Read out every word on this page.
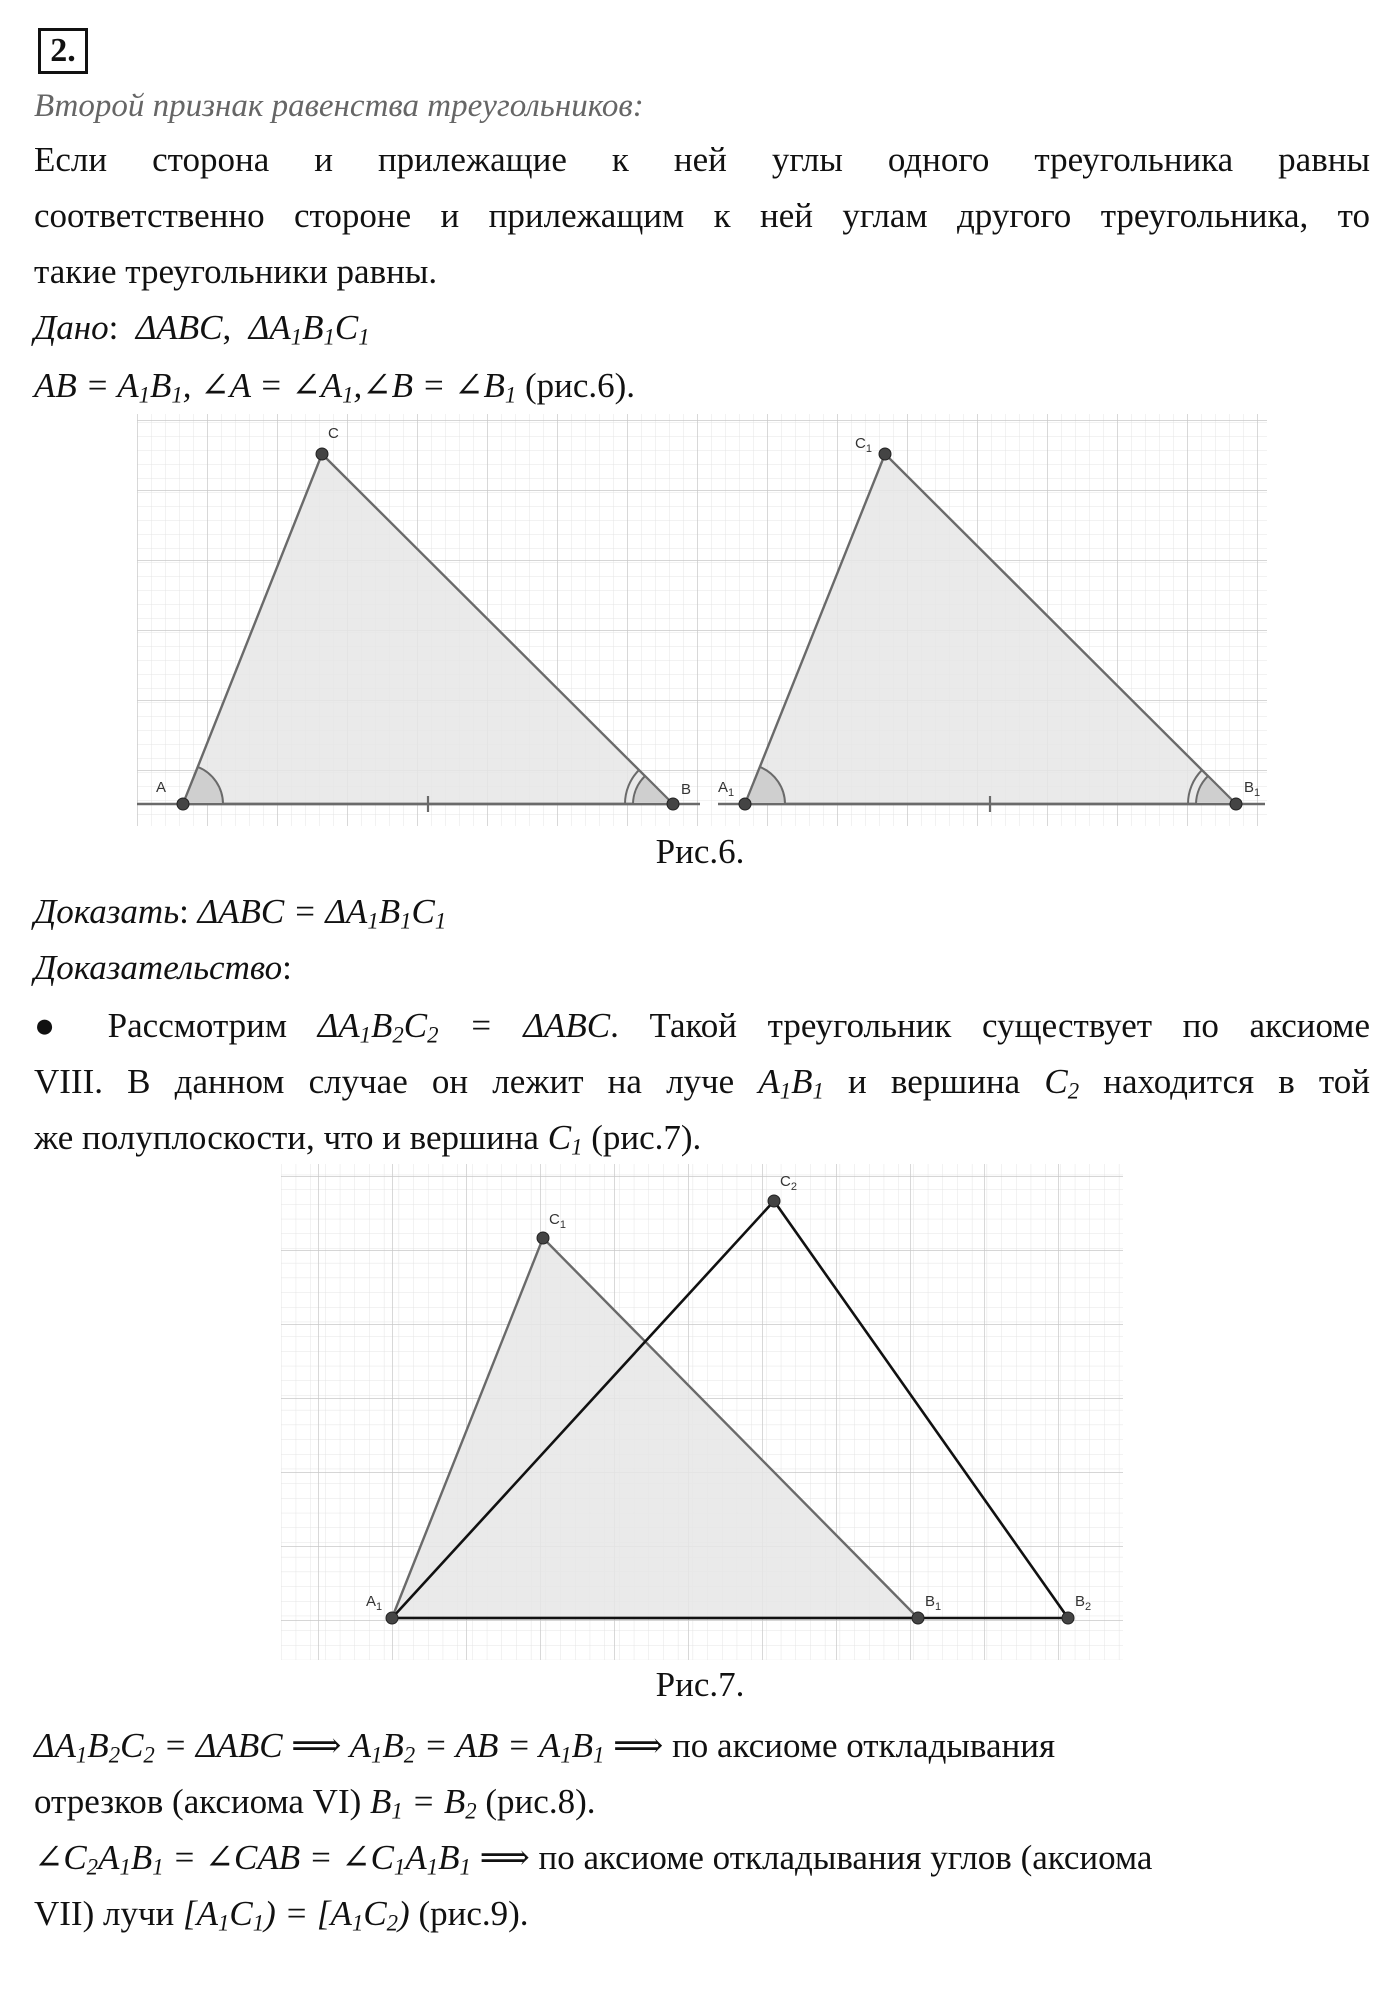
2.
Второй признак равенства треугольников:
Если сторона и прилежащие к ней углы одного треугольника равны
соответственно стороне и прилежащим к ней углам другого треугольника, то
такие треугольники равны.
Дано: ΔABC,  $\Delta A_1B_1C_1$
AB = $A_1B_1$, ∠A = $\angle A_1,\angle B$ = $\angle B_1$ (рис.6).
A	B
C
$A_1$	$B_1$
$C_1$
Рис.6.
Доказать: $\Delta ABC = \Delta A_1B_1C_1$
Доказательство:
● Рассмотрим $\Delta A_1B_2C_2 = \Delta ABC$. Такой треугольник существует по аксиоме
VIII. В данном случае он лежит на луче $A_1B_1$ и вершина $C_2$ находится в той
же полуплоскости, что и вершина $C_1$ (рис.7).
$A_1$	$B_1$	$B_2$
$C_1$
$C_2$
Рис.7.
$\Delta A_1B_2C_2 = \Delta ABC$ ⟹ $A_1B_2$ = AB = $A_1B_1$ ⟹ по аксиоме откладывания
отрезков (аксиома VI) $B_1 = B_2$ (рис.8).
$\angle C_2A_1B_1$ = ∠CAB = $\angle C_1A_1B_1$ ⟹ по аксиоме откладывания углов (аксиома
VII) лучи $[A_1C_1) = [A_1C_2)$ (рис.9).
